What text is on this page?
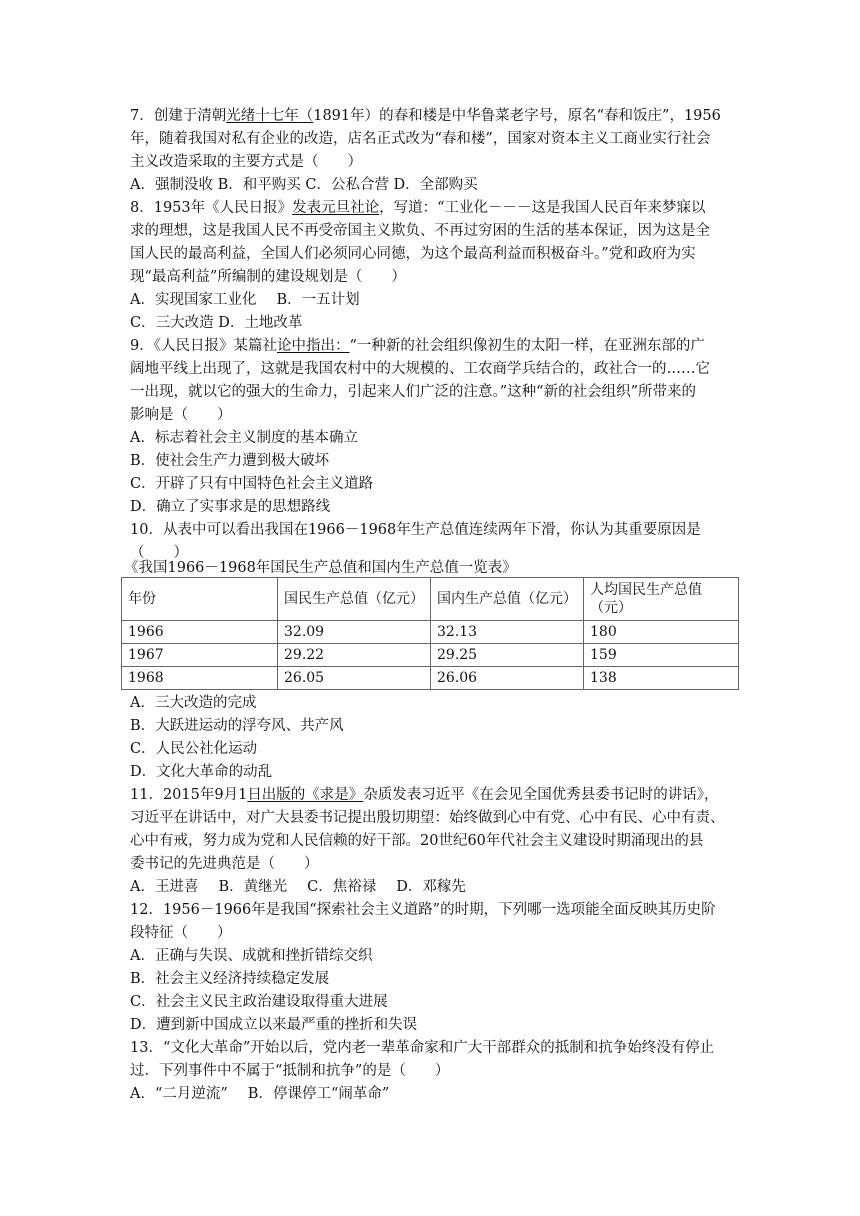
7．创建于清朝光绪十七年（1891年）的春和楼是中华鲁菜老字号，原名“春和饭庄”，1956
年，随着我国对私有企业的改造，店名正式改为“春和楼”，国家对资本主义工商业实行社会
主义改造采取的主要方式是（　　）
A．强制没收 B．和平购买 C．公私合营 D．全部购买
8．1953年《人民日报》发表元旦社论，写道：“工业化－－－这是我国人民百年来梦寐以
求的理想，这是我国人民不再受帝国主义欺负、不再过穷困的生活的基本保证，因为这是全
国人民的最高利益，全国人们必须同心同德，为这个最高利益而积极奋斗。”党和政府为实
现“最高利益”所编制的建设规划是（　　）
A．实现国家工业化 B．一五计划
C．三大改造 D．土地改革
9．《人民日报》某篇社论中指出：“一种新的社会组织像初生的太阳一样，在亚洲东部的广
阔地平线上出现了，这就是我国农村中的大规模的、工农商学兵结合的，政社合一的……它
一出现，就以它的强大的生命力，引起来人们广泛的注意。”这种“新的社会组织”所带来的
影响是（　　）
A．标志着社会主义制度的基本确立
B．使社会生产力遭到极大破坏
C．开辟了只有中国特色社会主义道路
D．确立了实事求是的思想路线
10．从表中可以看出我国在1966－1968年生产总值连续两年下滑，你认为其重要原因是
（　　）
《我国1966－1968年国民生产总值和国内生产总值一览表》
年份	国民生产总值（亿元）	国内生产总值（亿元）	人均国民生产总值（元）
1966	32.09	32.13	180
1967	29.22	29.25	159
1968	26.05	26.06	138
A．三大改造的完成
B．大跃进运动的浮夸风、共产风
C．人民公社化运动
D．文化大革命的动乱
11．2015年9月1日出版的《求是》杂质发表习近平《在会见全国优秀县委书记时的讲话》，
习近平在讲话中，对广大县委书记提出殷切期望：始终做到心中有党、心中有民、心中有责、
心中有戒，努力成为党和人民信赖的好干部。20世纪60年代社会主义建设时期涌现出的县
委书记的先进典范是（　　）
A．王进喜 B．黄继光 C．焦裕禄 D．邓稼先
12．1956－1966年是我国“探索社会主义道路”的时期，下列哪一选项能全面反映其历史阶
段特征（　　）
A．正确与失误、成就和挫折错综交织
B．社会主义经济持续稳定发展
C．社会主义民主政治建设取得重大进展
D．遭到新中国成立以来最严重的挫折和失误
13．“文化大革命”开始以后，党内老一辈革命家和广大干部群众的抵制和抗争始终没有停止
过．下列事件中不属于“抵制和抗争”的是（　　）
A．“二月逆流” B．停课停工“闹革命”
